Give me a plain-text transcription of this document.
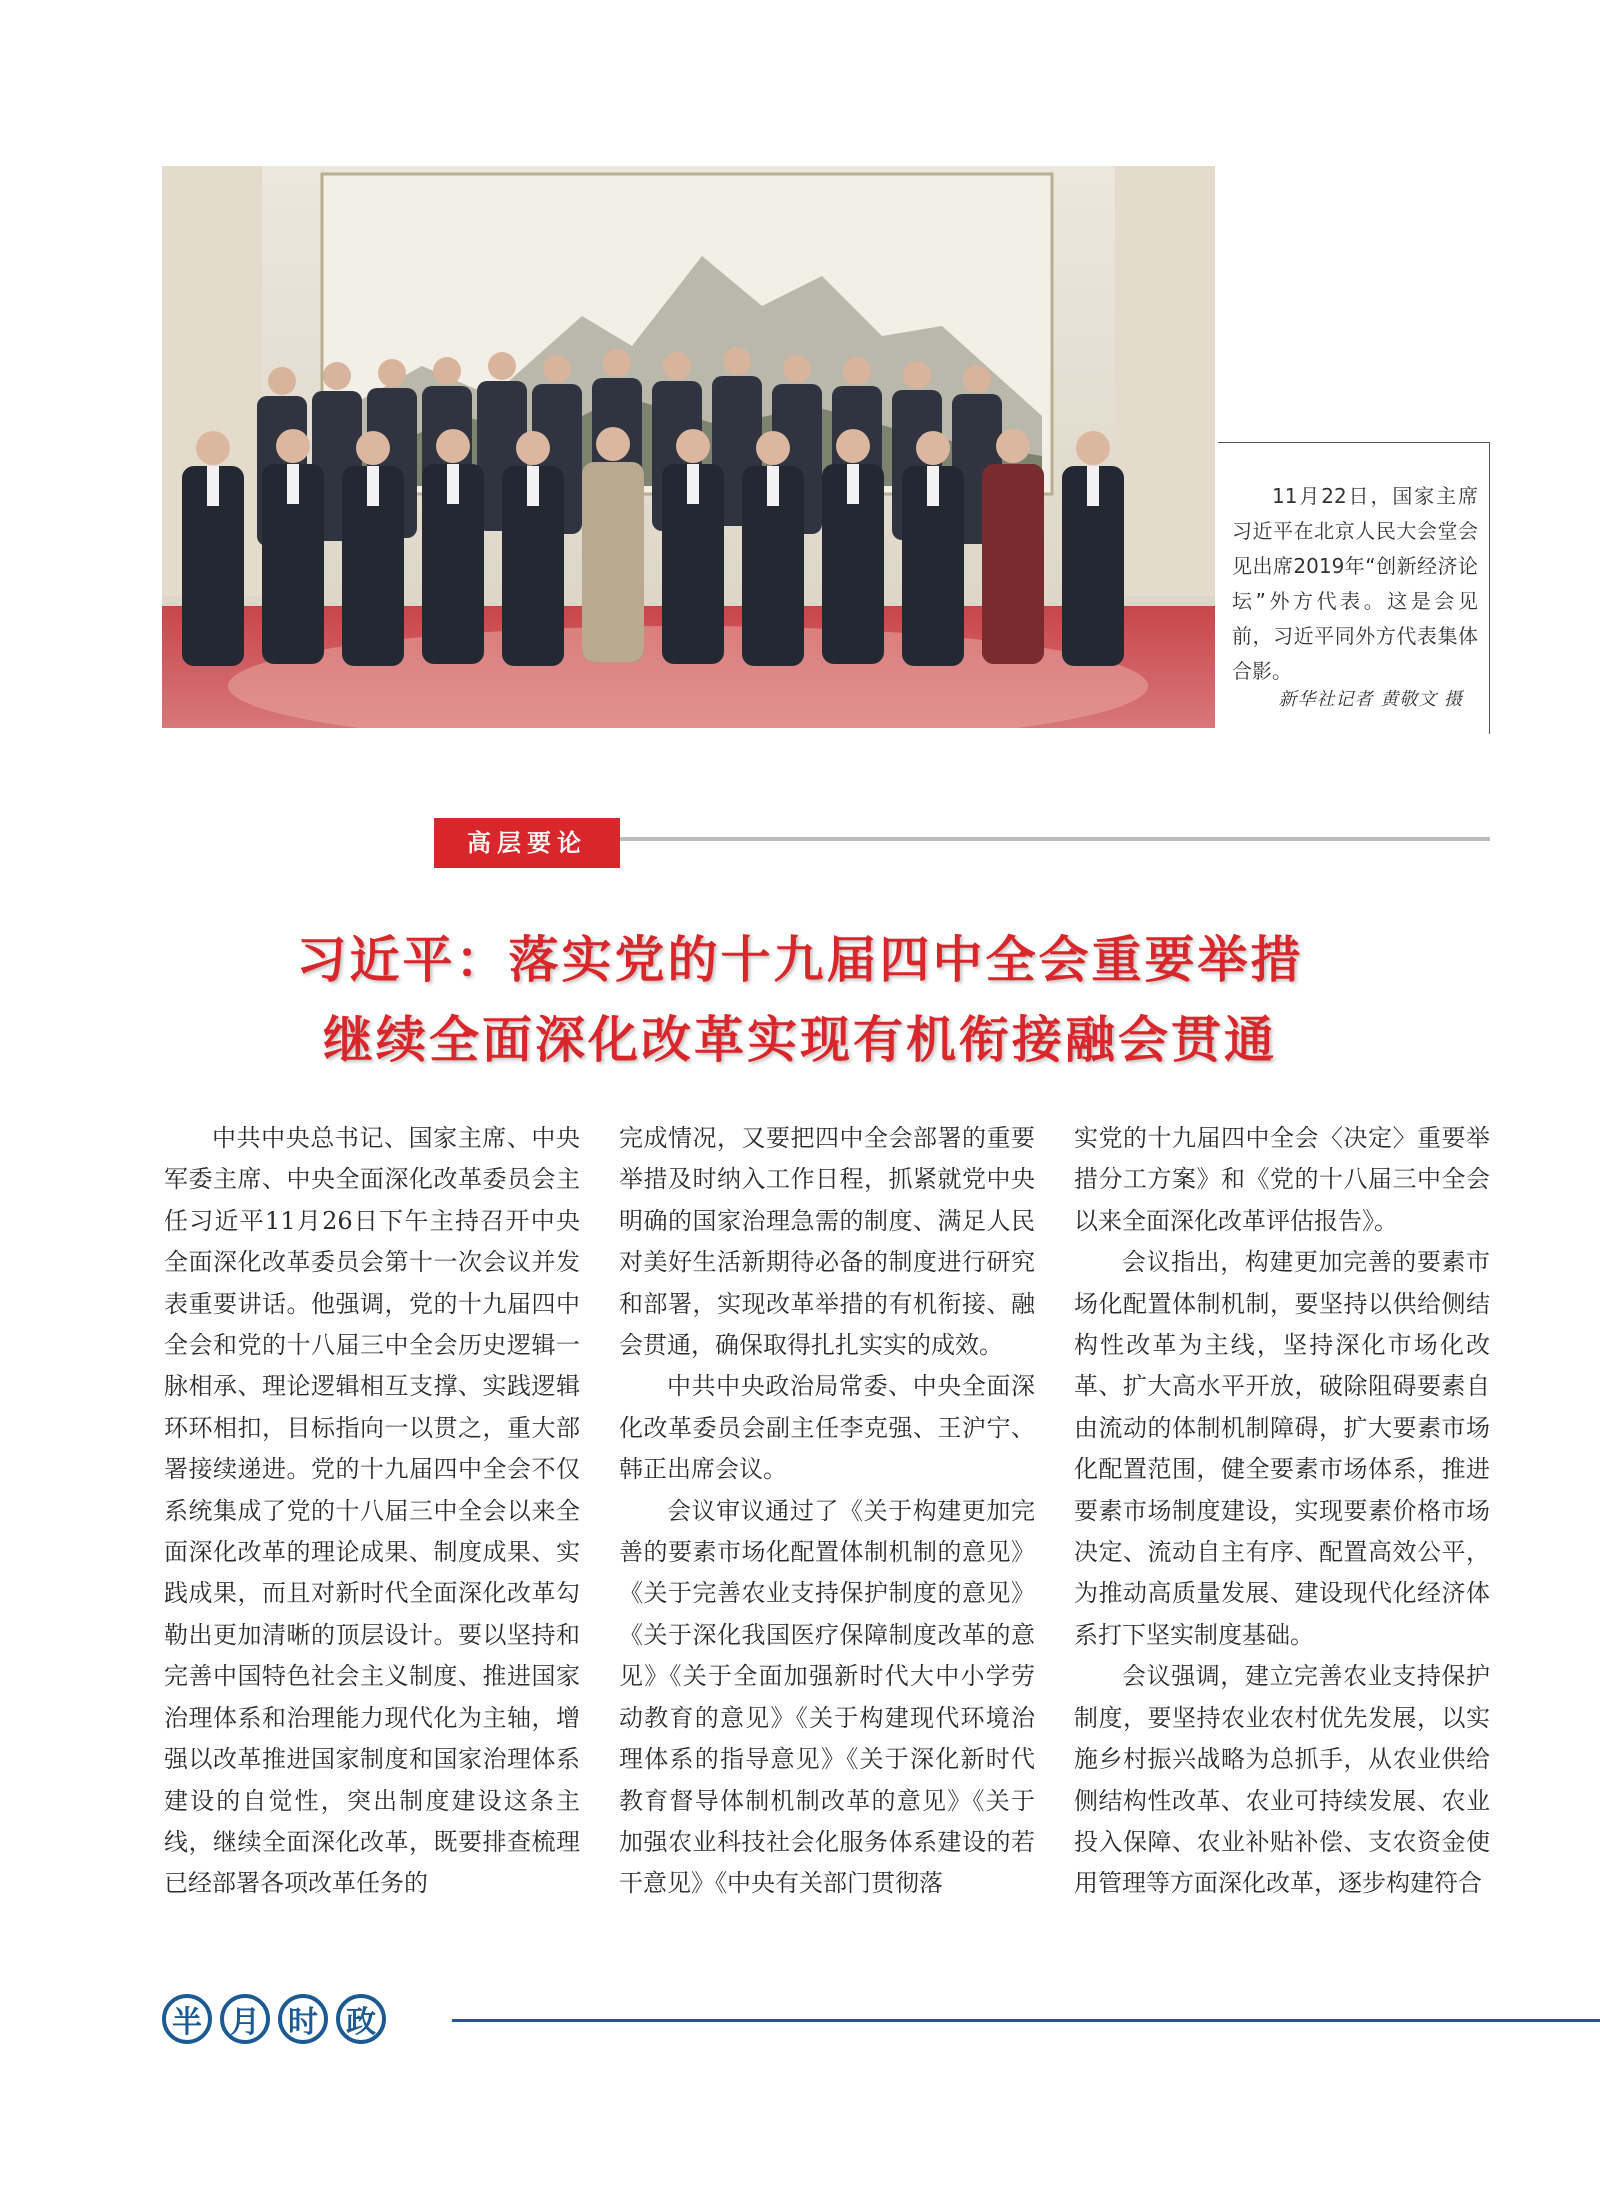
11月22日，国家主席习近平在北京人民大会堂会见出席2019年“创新经济论坛”外方代表。这是会见前，习近平同外方代表集体合影。
新华社记者 黄敬文 摄
高层要论
习近平：落实党的十九届四中全会重要举措
继续全面深化改革实现有机衔接融会贯通

中共中央总书记、国家主席、中央军委主席、中央全面深化改革委员会主任习近平11月26日下午主持召开中央全面深化改革委员会第十一次会议并发表重要讲话。他强调，党的十九届四中全会和党的十八届三中全会历史逻辑一脉相承、理论逻辑相互支撑、实践逻辑环环相扣，目标指向一以贯之，重大部署接续递进。党的十九届四中全会不仅系统集成了党的十八届三中全会以来全面深化改革的理论成果、制度成果、实践成果，而且对新时代全面深化改革勾勒出更加清晰的顶层设计。要以坚持和完善中国特色社会主义制度、推进国家治理体系和治理能力现代化为主轴，增强以改革推进国家制度和国家治理体系建设的自觉性，突出制度建设这条主线，继续全面深化改革，既要排查梳理已经部署各项改革任务的

完成情况，又要把四中全会部署的重要举措及时纳入工作日程，抓紧就党中央明确的国家治理急需的制度、满足人民对美好生活新期待必备的制度进行研究和部署，实现改革举措的有机衔接、融会贯通，确保取得扎扎实实的成效。

中共中央政治局常委、中央全面深化改革委员会副主任李克强、王沪宁、韩正出席会议。

会议审议通过了《关于构建更加完善的要素市场化配置体制机制的意见》《关于完善农业支持保护制度的意见》《关于深化我国医疗保障制度改革的意见》《关于全面加强新时代大中小学劳动教育的意见》《关于构建现代环境治理体系的指导意见》《关于深化新时代教育督导体制机制改革的意见》《关于加强农业科技社会化服务体系建设的若干意见》《中央有关部门贯彻落

实党的十九届四中全会〈决定〉重要举措分工方案》和《党的十八届三中全会以来全面深化改革评估报告》。

会议指出，构建更加完善的要素市场化配置体制机制，要坚持以供给侧结构性改革为主线，坚持深化市场化改革、扩大高水平开放，破除阻碍要素自由流动的体制机制障碍，扩大要素市场化配置范围，健全要素市场体系，推进要素市场制度建设，实现要素价格市场决定、流动自主有序、配置高效公平，为推动高质量发展、建设现代化经济体系打下坚实制度基础。

会议强调，建立完善农业支持保护制度，要坚持农业农村优先发展，以实施乡村振兴战略为总抓手，从农业供给侧结构性改革、农业可持续发展、农业投入保障、农业补贴补偿、支农资金使用管理等方面深化改革，逐步构建符合

半 月 时 政
